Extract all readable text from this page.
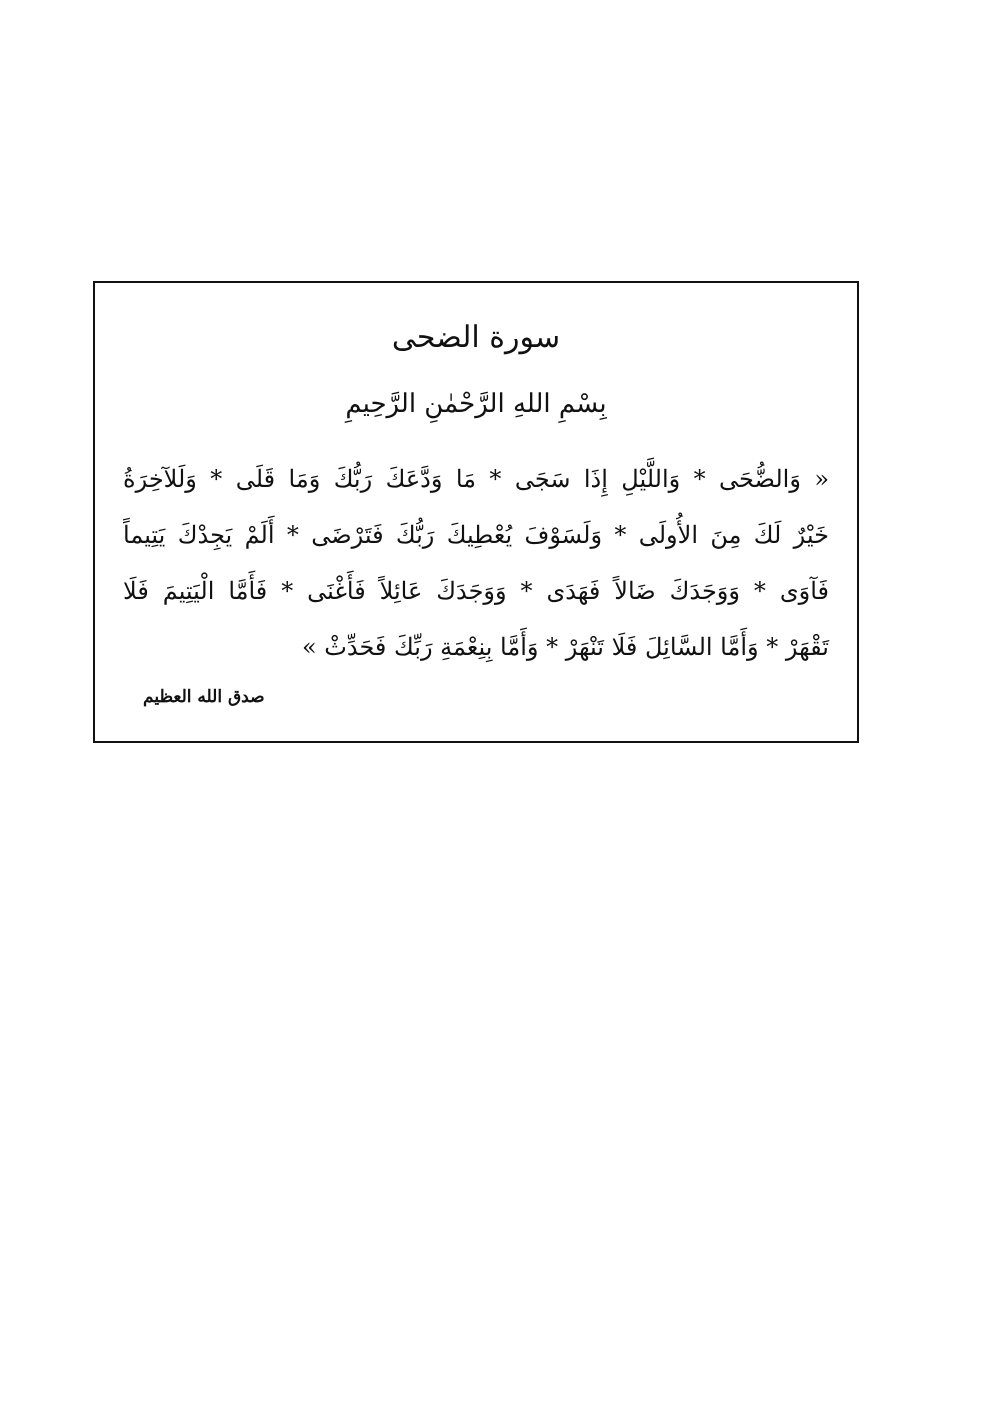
سورة الضحى
بِسْمِ اللهِ الرَّحْمٰنِ الرَّحِيمِ
« وَالضُّحَى * وَاللَّيْلِ إِذَا سَجَى * مَا وَدَّعَكَ رَبُّكَ وَمَا قَلَى * وَلَلآخِرَةُ
خَيْرٌ لَكَ مِنَ الأُولَى * وَلَسَوْفَ يُعْطِيكَ رَبُّكَ فَتَرْضَى * أَلَمْ يَجِدْكَ يَتِيماً
فَآوَى * وَوَجَدَكَ ضَالاً فَهَدَى * وَوَجَدَكَ عَائِلاً فَأَغْنَى * فَأَمَّا الْيَتِيمَ فَلَا
تَقْهَرْ * وَأَمَّا السَّائِلَ فَلَا تَنْهَرْ * وَأَمَّا بِنِعْمَةِ رَبِّكَ فَحَدِّثْ »
صدق الله العظيم
